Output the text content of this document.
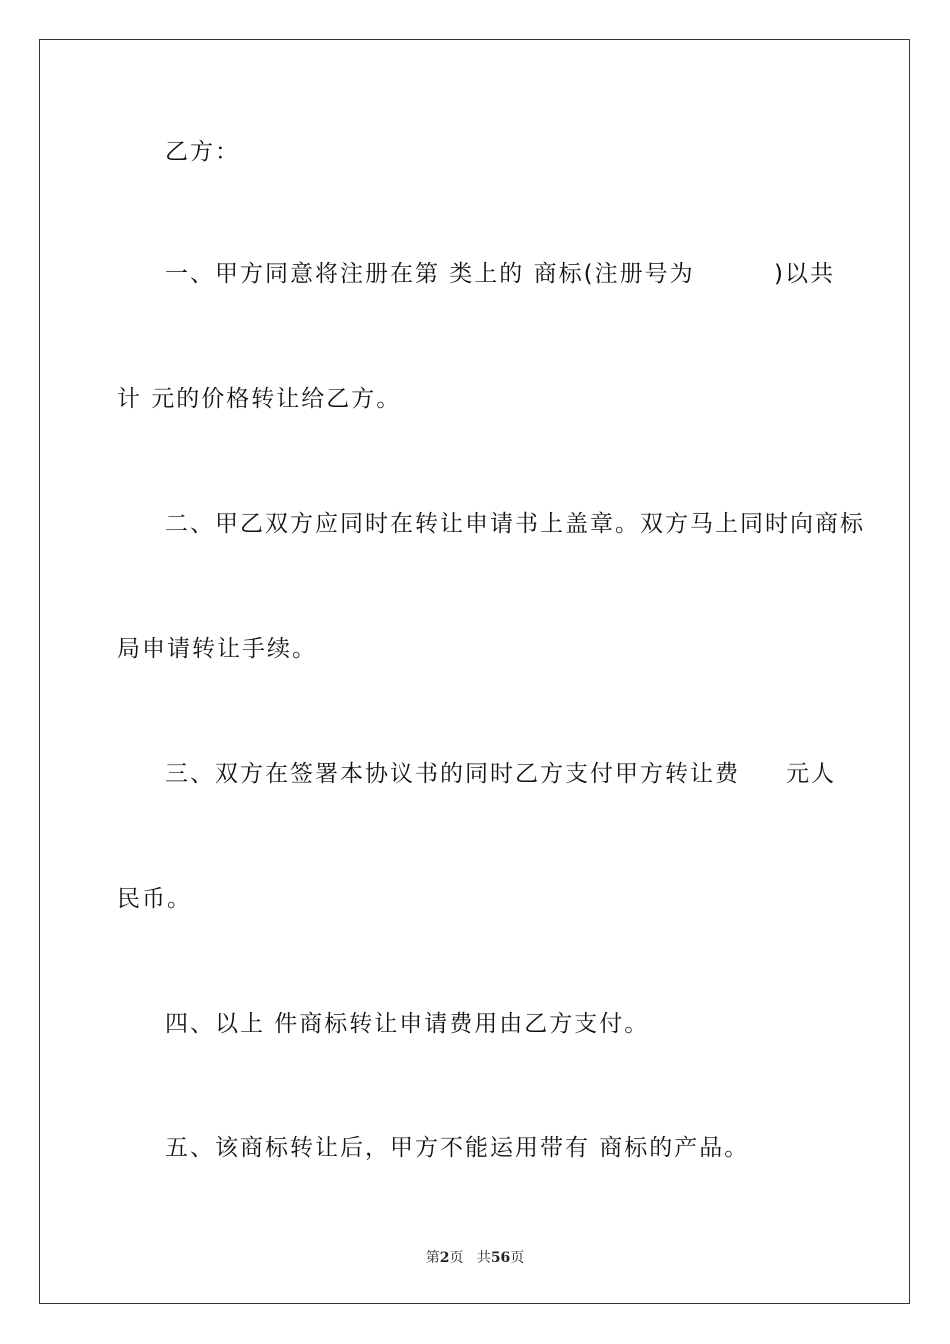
乙方：
一、甲方同意将注册在第 类上的 商标(注册号为	)以共
计 元的价格转让给乙方。
二、甲乙双方应同时在转让申请书上盖章。双方马上同时向商标
局申请转让手续。
三、双方在签署本协议书的同时乙方支付甲方转让费	元人
民币。
四、以上 件商标转让申请费用由乙方支付。
五、该商标转让后，甲方不能运用带有 商标的产品。
第2页 共56页
